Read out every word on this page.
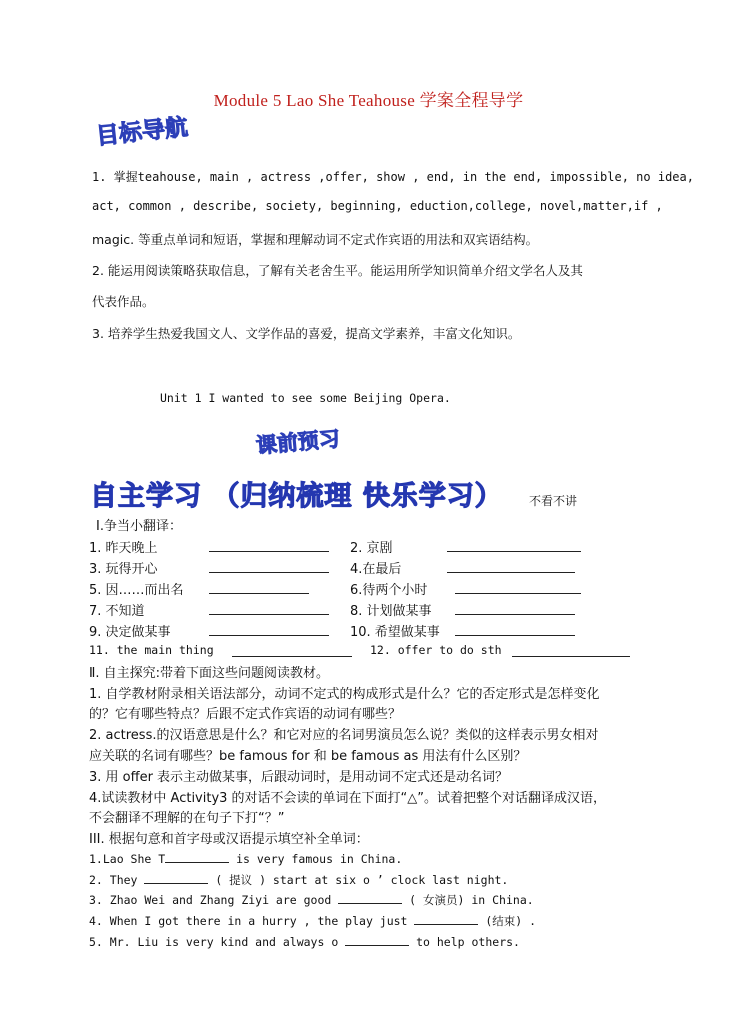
Module 5 Lao She Teahouse 学案全程导学
目标导航
1. 掌握teahouse, main , actress ,offer, show , end, in the end, impossible, no idea,
act, common , describe, society, beginning, eduction,college, novel,matter,if ,
magic. 等重点单词和短语，掌握和理解动词不定式作宾语的用法和双宾语结构。
2. 能运用阅读策略获取信息，了解有关老舍生平。能运用所学知识简单介绍文学名人及其
代表作品。
3. 培养学生热爱我国文人、文学作品的喜爱，提高文学素养，丰富文化知识。
Unit 1 I wanted to see some Beijing Opera.
课前预习
自主学习 （归纳梳理 快乐学习） 不看不讲
Ⅰ.争当小翻译：
1. 昨天晚上	2. 京剧
3. 玩得开心	4.在最后
5. 因……而出名	6.待两个小时
7. 不知道	8. 计划做某事
9. 决定做某事	10. 希望做某事
11. the main thing	12. offer to do sth
Ⅱ. 自主探究:带着下面这些问题阅读教材。
1. 自学教材附录相关语法部分，动词不定式的构成形式是什么？它的否定形式是怎样变化
的？它有哪些特点？后跟不定式作宾语的动词有哪些？
2. actress.的汉语意思是什么？和它对应的名词男演员怎么说？类似的这样表示男女相对
应关联的名词有哪些？be famous for 和 be famous as 用法有什么区别？
3. 用 offer 表示主动做某事，后跟动词时，是用动词不定式还是动名词？
4.试读教材中 Activity3 的对话不会读的单词在下面打“△”。试着把整个对话翻译成汉语，
不会翻译不理解的在句子下打“？”
III. 根据句意和首字母或汉语提示填空补全单词：
1.Lao She T	is very famous in China.
2. They	( 提议 ) start at six o ’ clock last night.
3. Zhao Wei and Zhang Ziyi are good	( 女演员) in China.
4. When I got there in a hurry , the play just	(结束) .
5. Mr. Liu is very kind and always o	to help others.
